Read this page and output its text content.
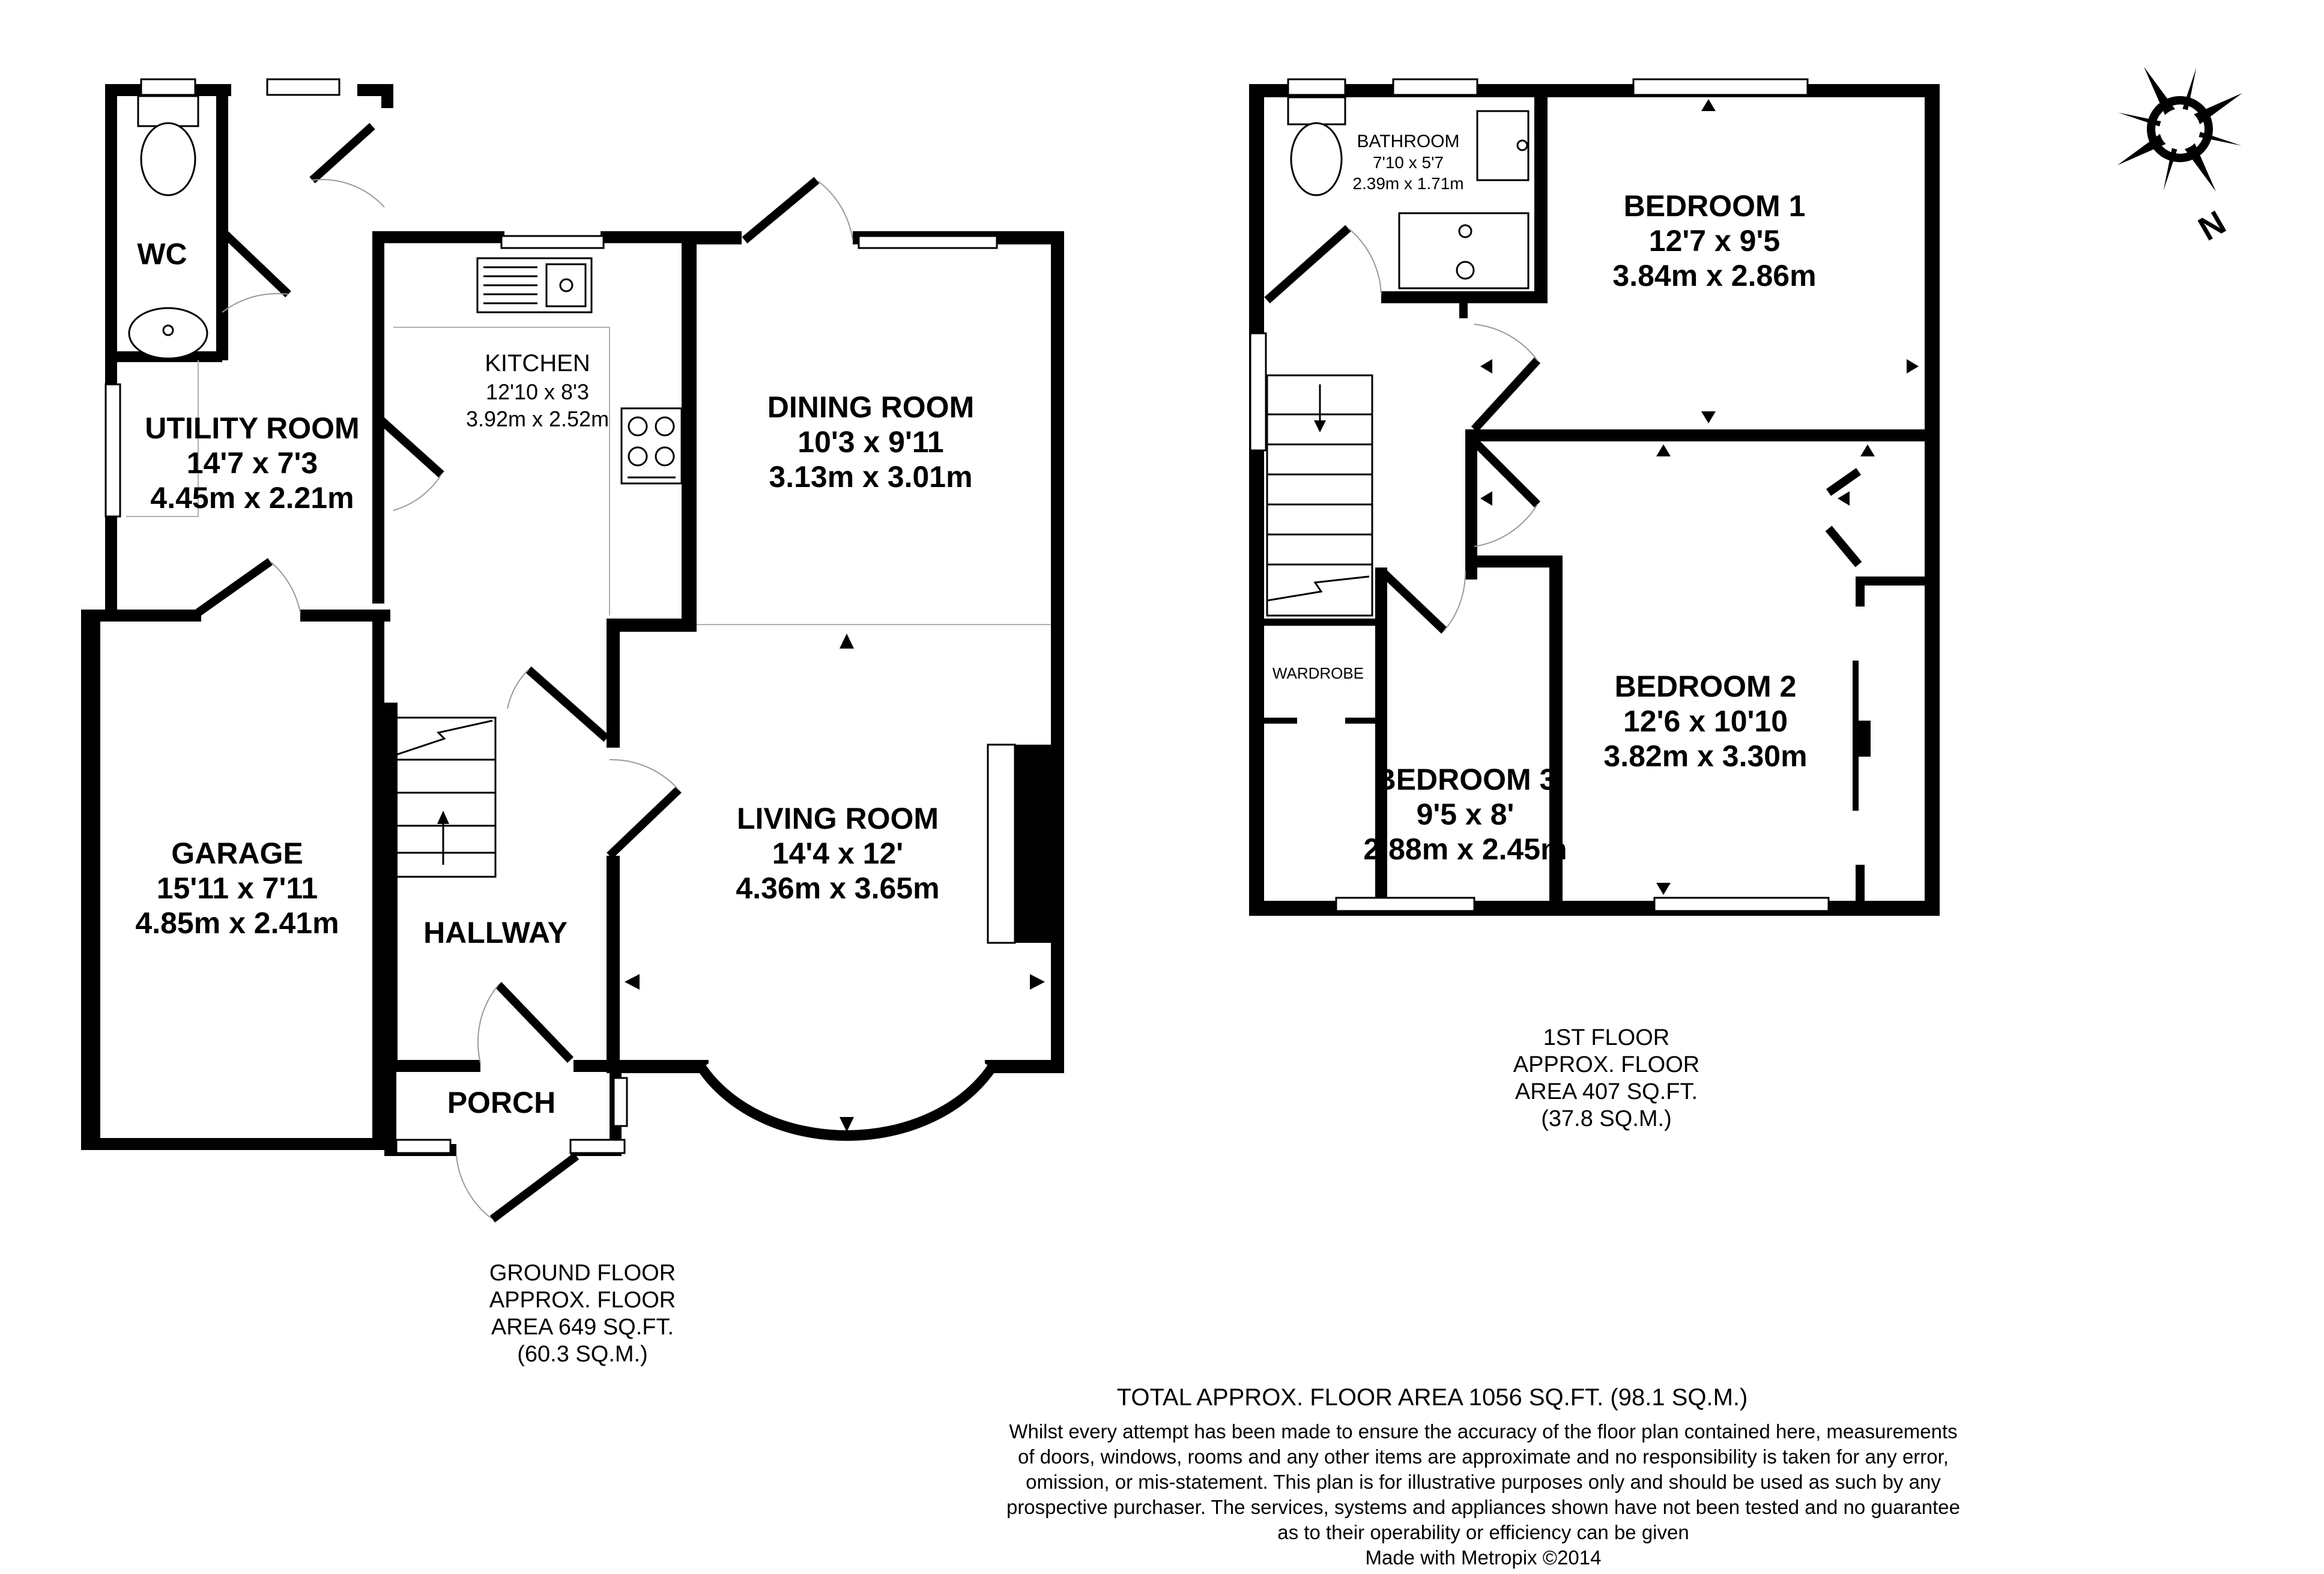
WC
UTILITY ROOM
14'7 x 7'3
4.45m x 2.21m
KITCHEN
12'10 x 8'3
3.92m x 2.52m	DINING ROOM
10'3 x 9'11
3.13m x 3.01m
LIVING ROOM
14'4 x 12'
4.36m x 3.65m
GARAGE
15'11 x 7'11
4.85m x 2.41m	HALLWAY
PORCH
GROUND FLOOR
APPROX. FLOOR
AREA 649 SQ.FT.
(60.3 SQ.M.)
BATHROOM
7'10 x 5'7
2.39m x 1.71m
BEDROOM 1
12'7 x 9'5
3.84m x 2.86m
BEDROOM 2
12'6 x 10'10
3.82m x 3.30m
BEDROOM 3
9'5 x 8'
2.88m x 2.45m
WARDROBE
1ST FLOOR
APPROX. FLOOR
AREA 407 SQ.FT.
(37.8 SQ.M.)
N
TOTAL APPROX. FLOOR AREA 1056 SQ.FT. (98.1 SQ.M.)
Whilst every attempt has been made to ensure the accuracy of the floor plan contained here, measurements
of doors, windows, rooms and any other items are approximate and no responsibility is taken for any error,
omission, or mis-statement. This plan is for illustrative purposes only and should be used as such by any
prospective purchaser. The services, systems and appliances shown have not been tested and no guarantee
as to their operability or efficiency can be given
Made with Metropix ©2014
